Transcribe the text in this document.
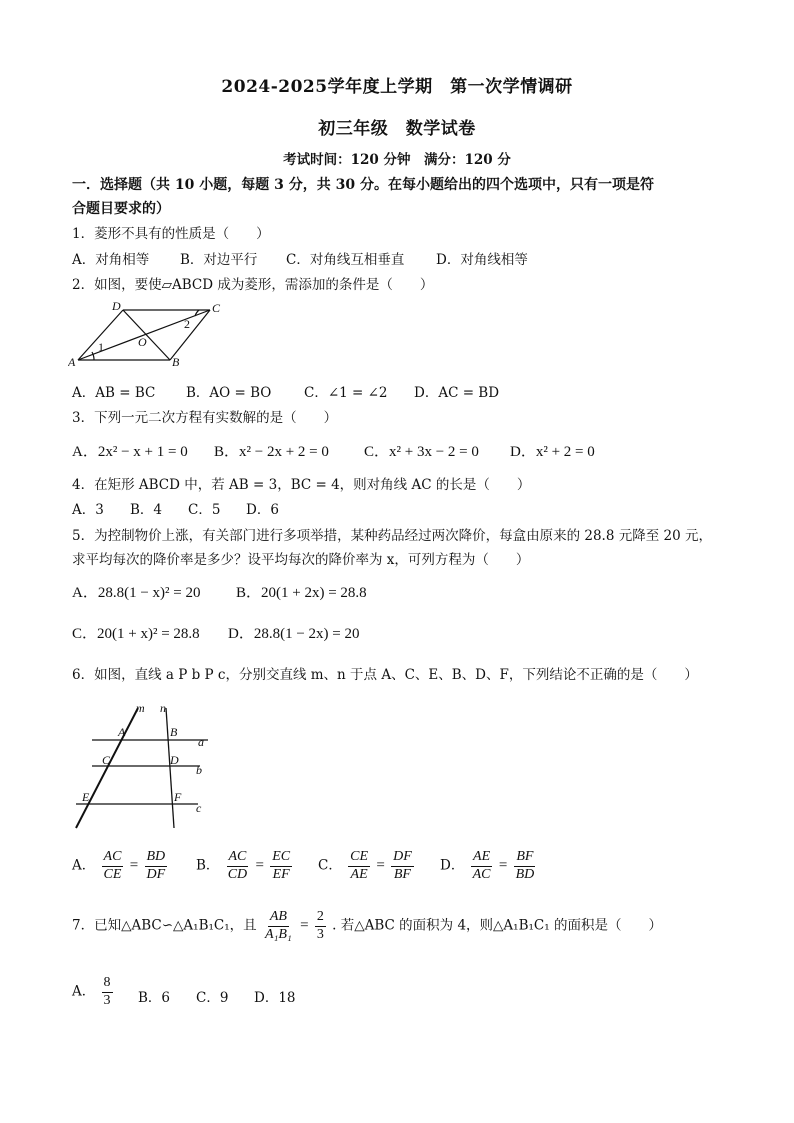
2024-2025学年度上学期　第一次学情调研
初三年级　数学试卷
考试时间：120 分钟　满分：120 分
一．选择题（共 10 小题，每题 3 分，共 30 分。在每小题给出的四个选项中，只有一项是符
合题目要求的）
1．菱形不具有的性质是（　　）
A．对角相等 B．对边平行 C．对角线互相垂直 D．对角线相等
2．如图，要使▱ABCD 成为菱形，需添加的条件是（　　）
D	C
A	B
O
1
2
A．AB = BC B．AO = BO C．∠1 = ∠2 D．AC = BD
3．下列一元二次方程有实数解的是（　　）
A．2x² − x + 1 = 0 B．x² − 2x + 2 = 0 C．x² + 3x − 2 = 0 D．x² + 2 = 0
4．在矩形 ABCD 中，若 AB = 3，BC = 4，则对角线 AC 的长是（　　）
A．3 B．4 C．5 D．6
5．为控制物价上涨，有关部门进行多项举措，某种药品经过两次降价，每盒由原来的 28.8 元降至 20 元，
求平均每次的降价率是多少？设平均每次的降价率为 x，可列方程为（　　）
A．28.8(1 − x)² = 20 B．20(1 + 2x) = 28.8
C．20(1 + x)² = 28.8 D．28.8(1 − 2x) = 20
6．如图，直线 a P b P c，分别交直线 m、n 于点 A、C、E、B、D、F，下列结论不正确的是（　　）
m n
A	B
a
C	D
b
E	F
c
A． $\frac{AC}{CE} = \frac{BD}{DF}$ B． $\frac{AC}{CD} = \frac{EC}{EF}$ C． $\frac{CE}{AE} = \frac{DF}{BF}$ D． $\frac{AE}{AC} = \frac{BF}{BD}$
7．已知△ABC∽△A₁B₁C₁，且 $\frac{AB}{\text{A₁B₁}} = \frac{2}{3}$ . 若△ABC 的面积为 4，则△A₁B₁C₁ 的面积是（　　）
A． $\frac{8}{3}$ B．6 C．9 D．18
